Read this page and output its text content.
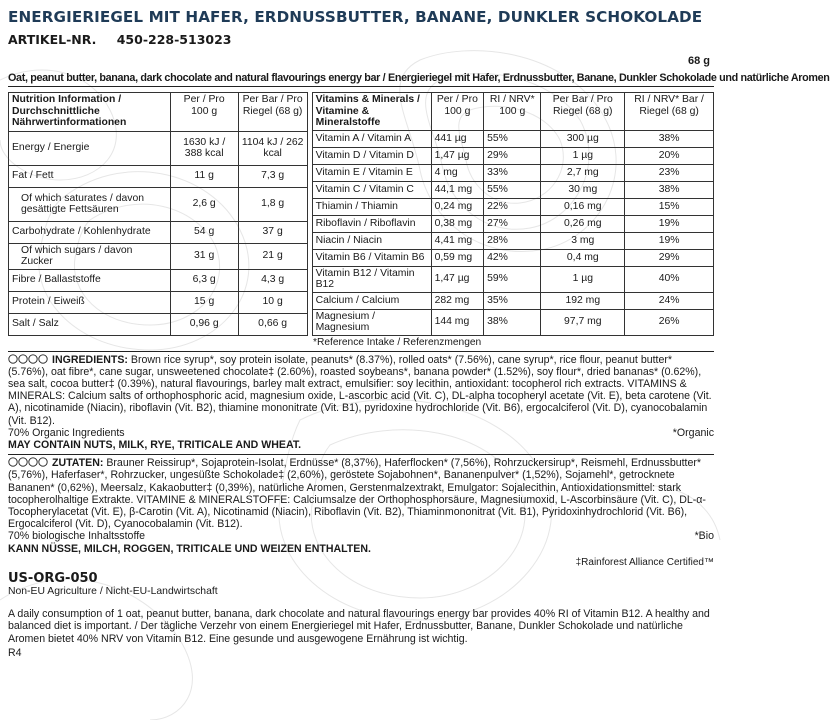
ENERGIERIEGEL MIT HAFER, ERDNUSSBUTTER, BANANE, DUNKLER SCHOKOLADE
ARTIKEL-NR. 450-228-513023
68 g
Oat, peanut butter, banana, dark chocolate and natural flavourings energy bar / Energieriegel mit Hafer, Erdnussbutter, Banane, Dunkler Schokolade und natürliche Aromen
Nutrition Information / Durchschnittliche Nährwertinformationen	Per / Pro 100 g	Per Bar / Pro Riegel (68 g)
Energy / Energie	1630 kJ / 388 kcal	1104 kJ / 262 kcal
Fat / Fett	11 g	7,3 g
Of which saturates / davon gesättigte Fettsäuren	2,6 g	1,8 g
Carbohydrate / Kohlenhydrate	54 g	37 g
Of which sugars / davon Zucker	31 g	21 g
Fibre / Ballaststoffe	6,3 g	4,3 g
Protein / Eiweiß	15 g	10 g
Salt / Salz	0,96 g	0,66 g
Vitamins & Minerals / Vitamine & Mineralstoffe	Per / Pro 100 g	RI / NRV* 100 g	Per Bar / Pro Riegel (68 g)	RI / NRV* Bar / Riegel (68 g)
Vitamin A / Vitamin A	441 µg	55%	300 µg	38%
Vitamin D / Vitamin D	1,47 µg	29%	1 µg	20%
Vitamin E / Vitamin E	4 mg	33%	2,7 mg	23%
Vitamin C / Vitamin C	44,1 mg	55%	30 mg	38%
Thiamin / Thiamin	0,24 mg	22%	0,16 mg	15%
Riboflavin / Riboflavin	0,38 mg	27%	0,26 mg	19%
Niacin / Niacin	4,41 mg	28%	3 mg	19%
Vitamin B6 / Vitamin B6	0,59 mg	42%	0,4 mg	29%
Vitamin B12 / Vitamin B12	1,47 µg	59%	1 µg	40%
Calcium / Calcium	282 mg	35%	192 mg	24%
Magnesium / Magnesium	144 mg	38%	97,7 mg	26%
*Reference Intake / Referenzmengen
INGREDIENTS: Brown rice syrup*, soy protein isolate, peanuts* (8.37%), rolled oats* (7.56%), cane syrup*, rice flour, peanut butter* (5.76%), oat fibre*, cane sugar, unsweetened chocolate‡ (2.60%), roasted soybeans*, banana powder* (1.52%), soy flour*, dried bananas* (0.62%), sea salt, cocoa butter‡ (0.39%), natural flavourings, barley malt extract, emulsifier: soy lecithin, antioxidant: tocopherol rich extracts. VITAMINS & MINERALS: Calcium salts of orthophosphoric acid, magnesium oxide, L-ascorbic acid (Vit. C), DL-alpha tocopheryl acetate (Vit. E), beta carotene (Vit. A), nicotinamide (Niacin), riboflavin (Vit. B2), thiamine mononitrate (Vit. B1), pyridoxine hydrochloride (Vit. B6), ergocalciferol (Vit. D), cyanocobalamin (Vit. B12).
70% Organic Ingredients	*Organic
MAY CONTAIN NUTS, MILK, RYE, TRITICALE AND WHEAT.
ZUTATEN: Brauner Reissirup*, Sojaprotein-Isolat, Erdnüsse* (8,37%), Haferflocken* (7,56%), Rohrzuckersirup*, Reismehl, Erdnussbutter* (5,76%), Haferfaser*, Rohrzucker, ungesüßte Schokolade‡ (2,60%), geröstete Sojabohnen*, Bananenpulver* (1,52%), Sojamehl*, getrocknete Bananen* (0,62%), Meersalz, Kakaobutter‡ (0,39%), natürliche Aromen, Gerstenmalzextrakt, Emulgator: Sojalecithin, Antioxidationsmittel: stark tocopherolhaltige Extrakte. VITAMINE & MINERALSTOFFE: Calciumsalze der Orthophosphorsäure, Magnesiumoxid, L-Ascorbinsäure (Vit. C), DL-α-Tocopherylacetat (Vit. E), β-Carotin (Vit. A), Nicotinamid (Niacin), Riboflavin (Vit. B2), Thiaminmononitrat (Vit. B1), Pyridoxinhydrochlorid (Vit. B6), Ergocalciferol (Vit. D), Cyanocobalamin (Vit. B12).
70% biologische Inhaltsstoffe	*Bio
KANN NÜSSE, MILCH, ROGGEN, TRITICALE UND WEIZEN ENTHALTEN.
‡Rainforest Alliance Certified™
US-ORG-050
Non-EU Agriculture / Nicht-EU-Landwirtschaft
A daily consumption of 1 oat, peanut butter, banana, dark chocolate and natural flavourings energy bar provides 40% RI of Vitamin B12. A healthy and balanced diet is important. / Der tägliche Verzehr von einem Energieriegel mit Hafer, Erdnussbutter, Banane, Dunkler Schokolade und natürliche Aromen bietet 40% NRV von Vitamin B12. Eine gesunde und ausgewogene Ernährung ist wichtig.
R4
